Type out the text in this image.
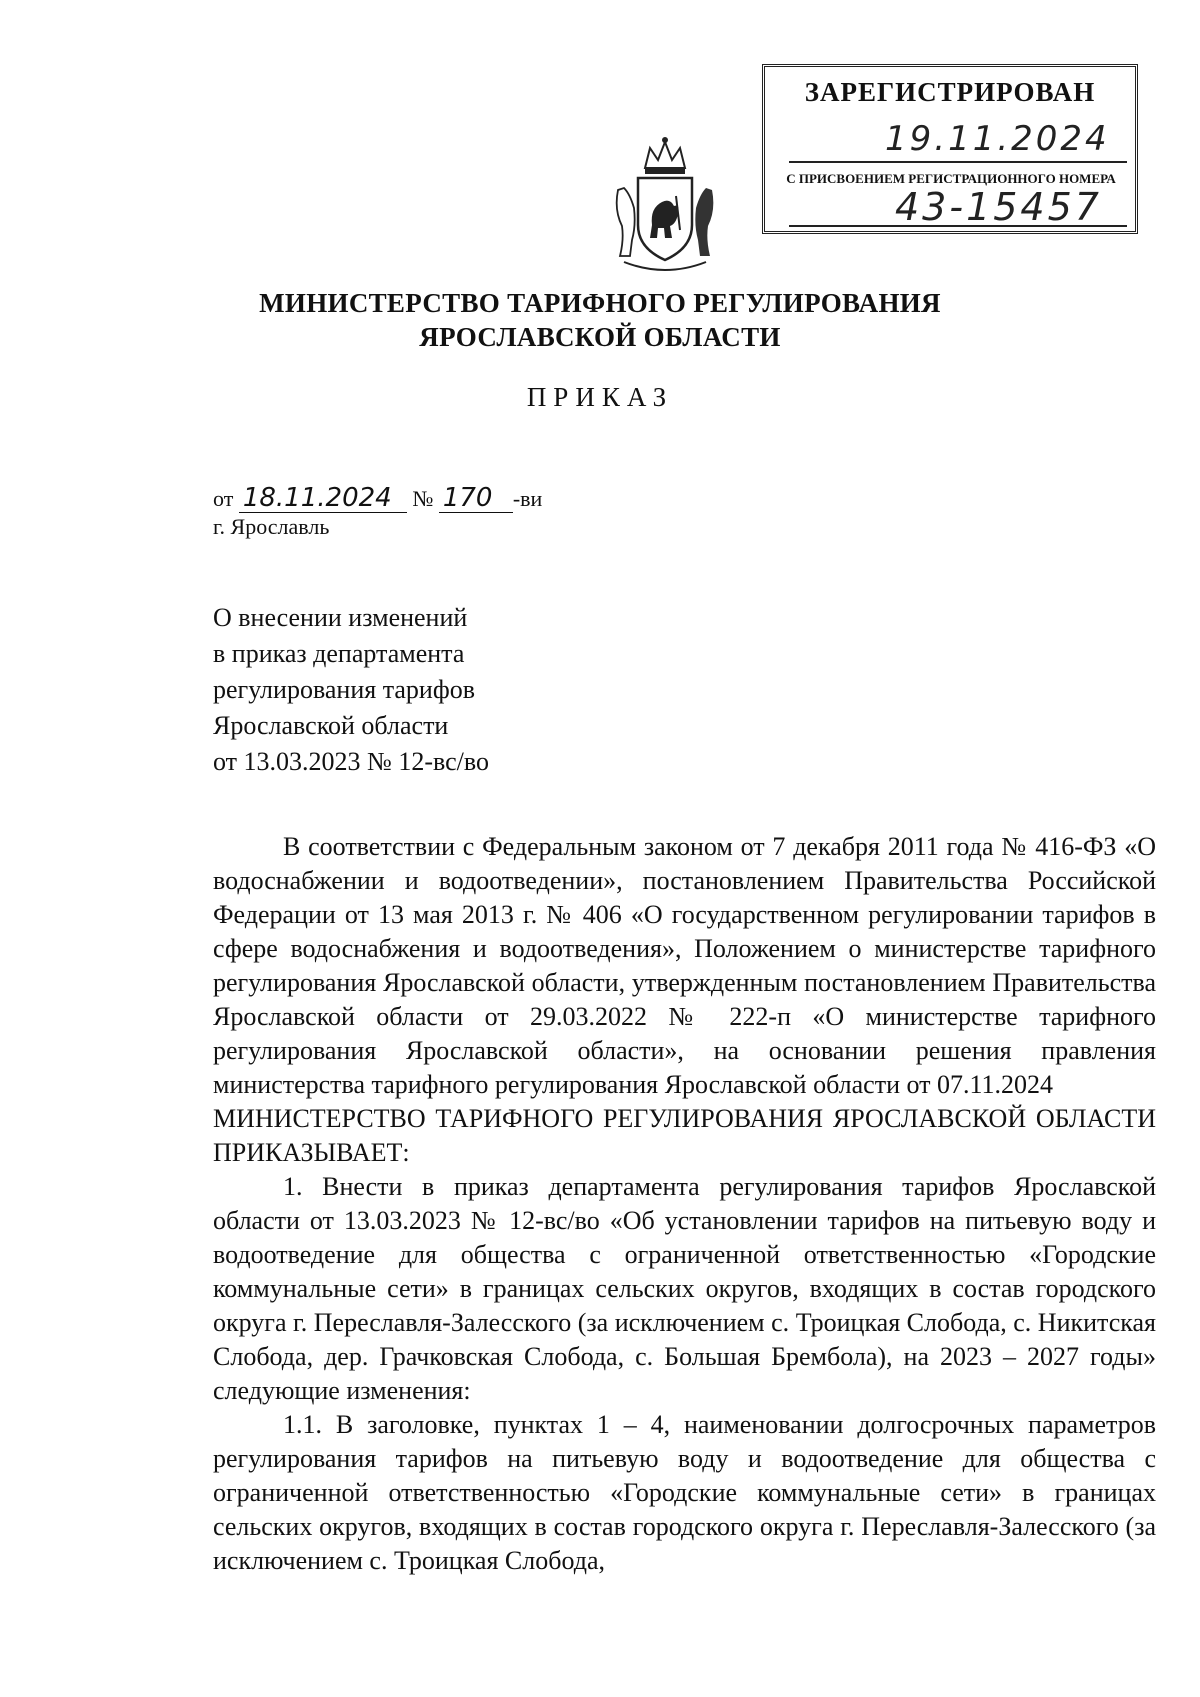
ЗАРЕГИСТРИРОВАН
19.11.2024
С ПРИСВОЕНИЕМ РЕГИСТРАЦИОННОГО НОМЕРА
43-15457
МИНИСТЕРСТВО ТАРИФНОГО РЕГУЛИРОВАНИЯ
ЯРОСЛАВСКОЙ ОБЛАСТИ
ПРИКАЗ
от 18.11.2024 № 170 -ви
г. Ярославль
О внесении изменений
в приказ департамента
регулирования тарифов
Ярославской области
от 13.03.2023 № 12-вс/во

В соответствии с Федеральным законом от 7 декабря 2011 года № 416-ФЗ «О водоснабжении и водоотведении», постановлением Правительства Российской Федерации от 13 мая 2013 г. № 406 «О государственном регулировании тарифов в сфере водоснабжения и водоотведения», Положением о министерстве тарифного регулирования Ярославской области, утвержденным постановлением Правительства Ярославской области от 29.03.2022 № 222-п «О министерстве тарифного регулирования Ярославской области», на основании решения правления министерства тарифного регулирования Ярославской области от 07.11.2024

МИНИСТЕРСТВО ТАРИФНОГО РЕГУЛИРОВАНИЯ ЯРОСЛАВСКОЙ ОБЛАСТИ ПРИКАЗЫВАЕТ:

1. Внести в приказ департамента регулирования тарифов Ярославской области от 13.03.2023 № 12-вс/во «Об установлении тарифов на питьевую воду и водоотведение для общества с ограниченной ответственностью «Городские коммунальные сети» в границах сельских округов, входящих в состав городского округа г. Переславля-Залесского (за исключением с. Троицкая Слобода, с. Никитская Слобода, дер. Грачковская Слобода, с. Большая Брембола), на 2023 – 2027 годы» следующие изменения:

1.1. В заголовке, пунктах 1 – 4, наименовании долгосрочных параметров регулирования тарифов на питьевую воду и водоотведение для общества с ограниченной ответственностью «Городские коммунальные сети» в границах сельских округов, входящих в состав городского округа г. Переславля-Залесского (за исключением с. Троицкая Слобода,
